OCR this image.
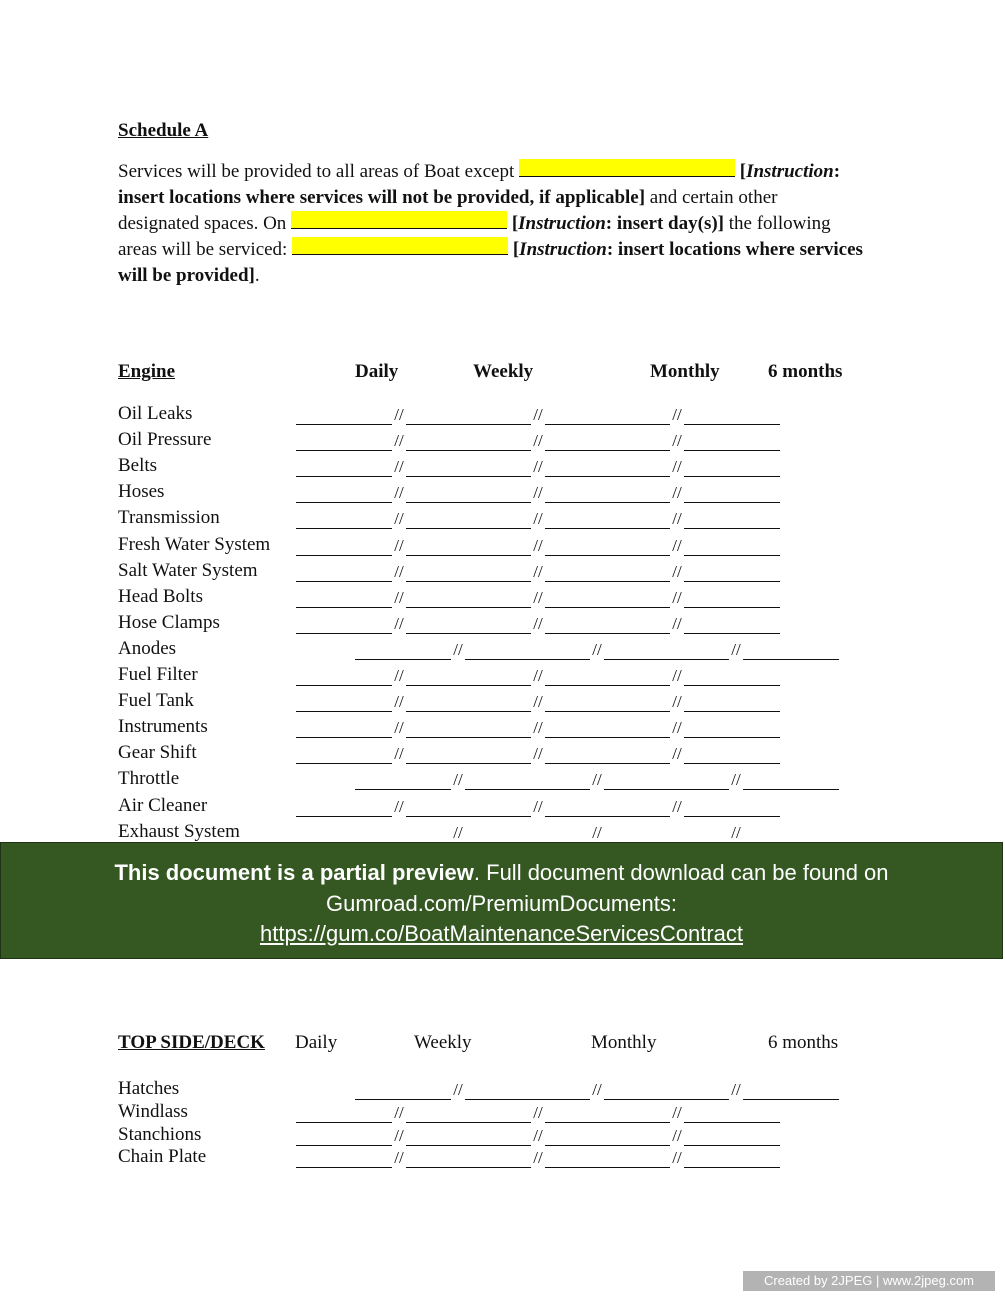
Schedule A
Services will be provided to all areas of Boat except	[Instruction:
insert locations where services will not be provided, if applicable] and certain other
designated spaces. On	[Instruction: insert day(s)] the following
areas will be serviced:	[Instruction: insert locations where services
will be provided].
Engine	Daily	Weekly	Monthly	6 months
Oil Leaks	//	//	//
Oil Pressure	//	//	//
Belts	//	//	//
Hoses	//	//	//
Transmission	//	//	//
Fresh Water System	//	//	//
Salt Water System	//	//	//
Head Bolts	//	//	//
Hose Clamps	//	//	//
Anodes	//	//	//
Fuel Filter	//	//	//
Fuel Tank	//	//	//
Instruments	//	//	//
Gear Shift	//	//	//
Throttle	//	//	//
Air Cleaner	//	//	//
Exhaust System	//	//	//
This document is a partial preview. Full document download can be found on
Gumroad.com/PremiumDocuments:
https://gum.co/BoatMaintenanceServicesContract
TOP SIDE/DECK Daily	Weekly	Monthly	6 months
Hatches	//	//	//
Windlass	//	//	//
Stanchions	//	//	//
Chain Plate	//	//	//
Created by 2JPEG | www.2jpeg.com
